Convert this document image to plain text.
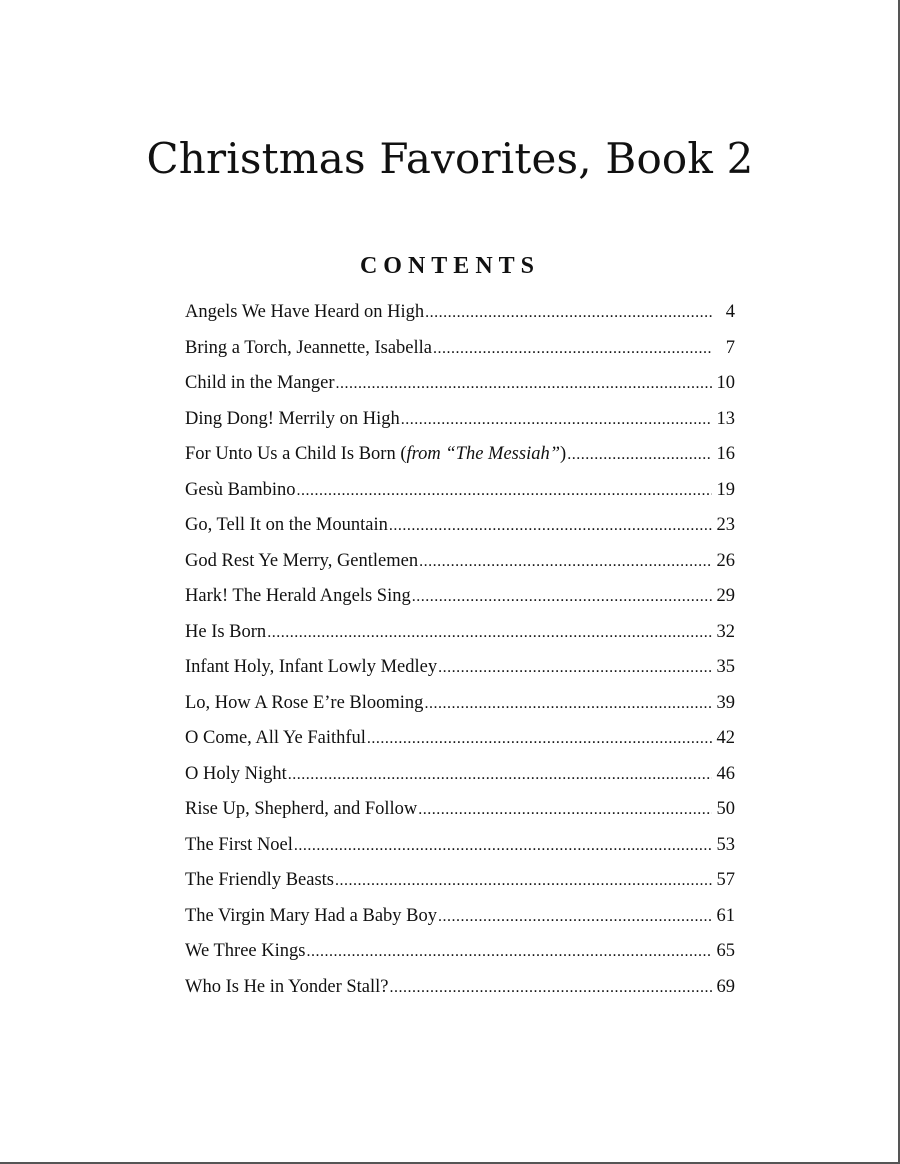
Christmas Favorites, Book 2
CONTENTS
Angels We Have Heard on High .....	4
Bring a Torch, Jeannette, Isabella .....	7
Child in the Manger .....	10
Ding Dong! Merrily on High .....	13
For Unto Us a Child Is Born (from “The Messiah”) .....	16
Gesù Bambino .....	19
Go, Tell It on the Mountain .....	23
God Rest Ye Merry, Gentlemen .....	26
Hark! The Herald Angels Sing .....	29
He Is Born .....	32
Infant Holy, Infant Lowly Medley .....	35
Lo, How A Rose E’re Blooming .....	39
O Come, All Ye Faithful .....	42
O Holy Night .....	46
Rise Up, Shepherd, and Follow .....	50
The First Noel .....	53
The Friendly Beasts .....	57
The Virgin Mary Had a Baby Boy .....	61
We Three Kings .....	65
Who Is He in Yonder Stall? .....	69
